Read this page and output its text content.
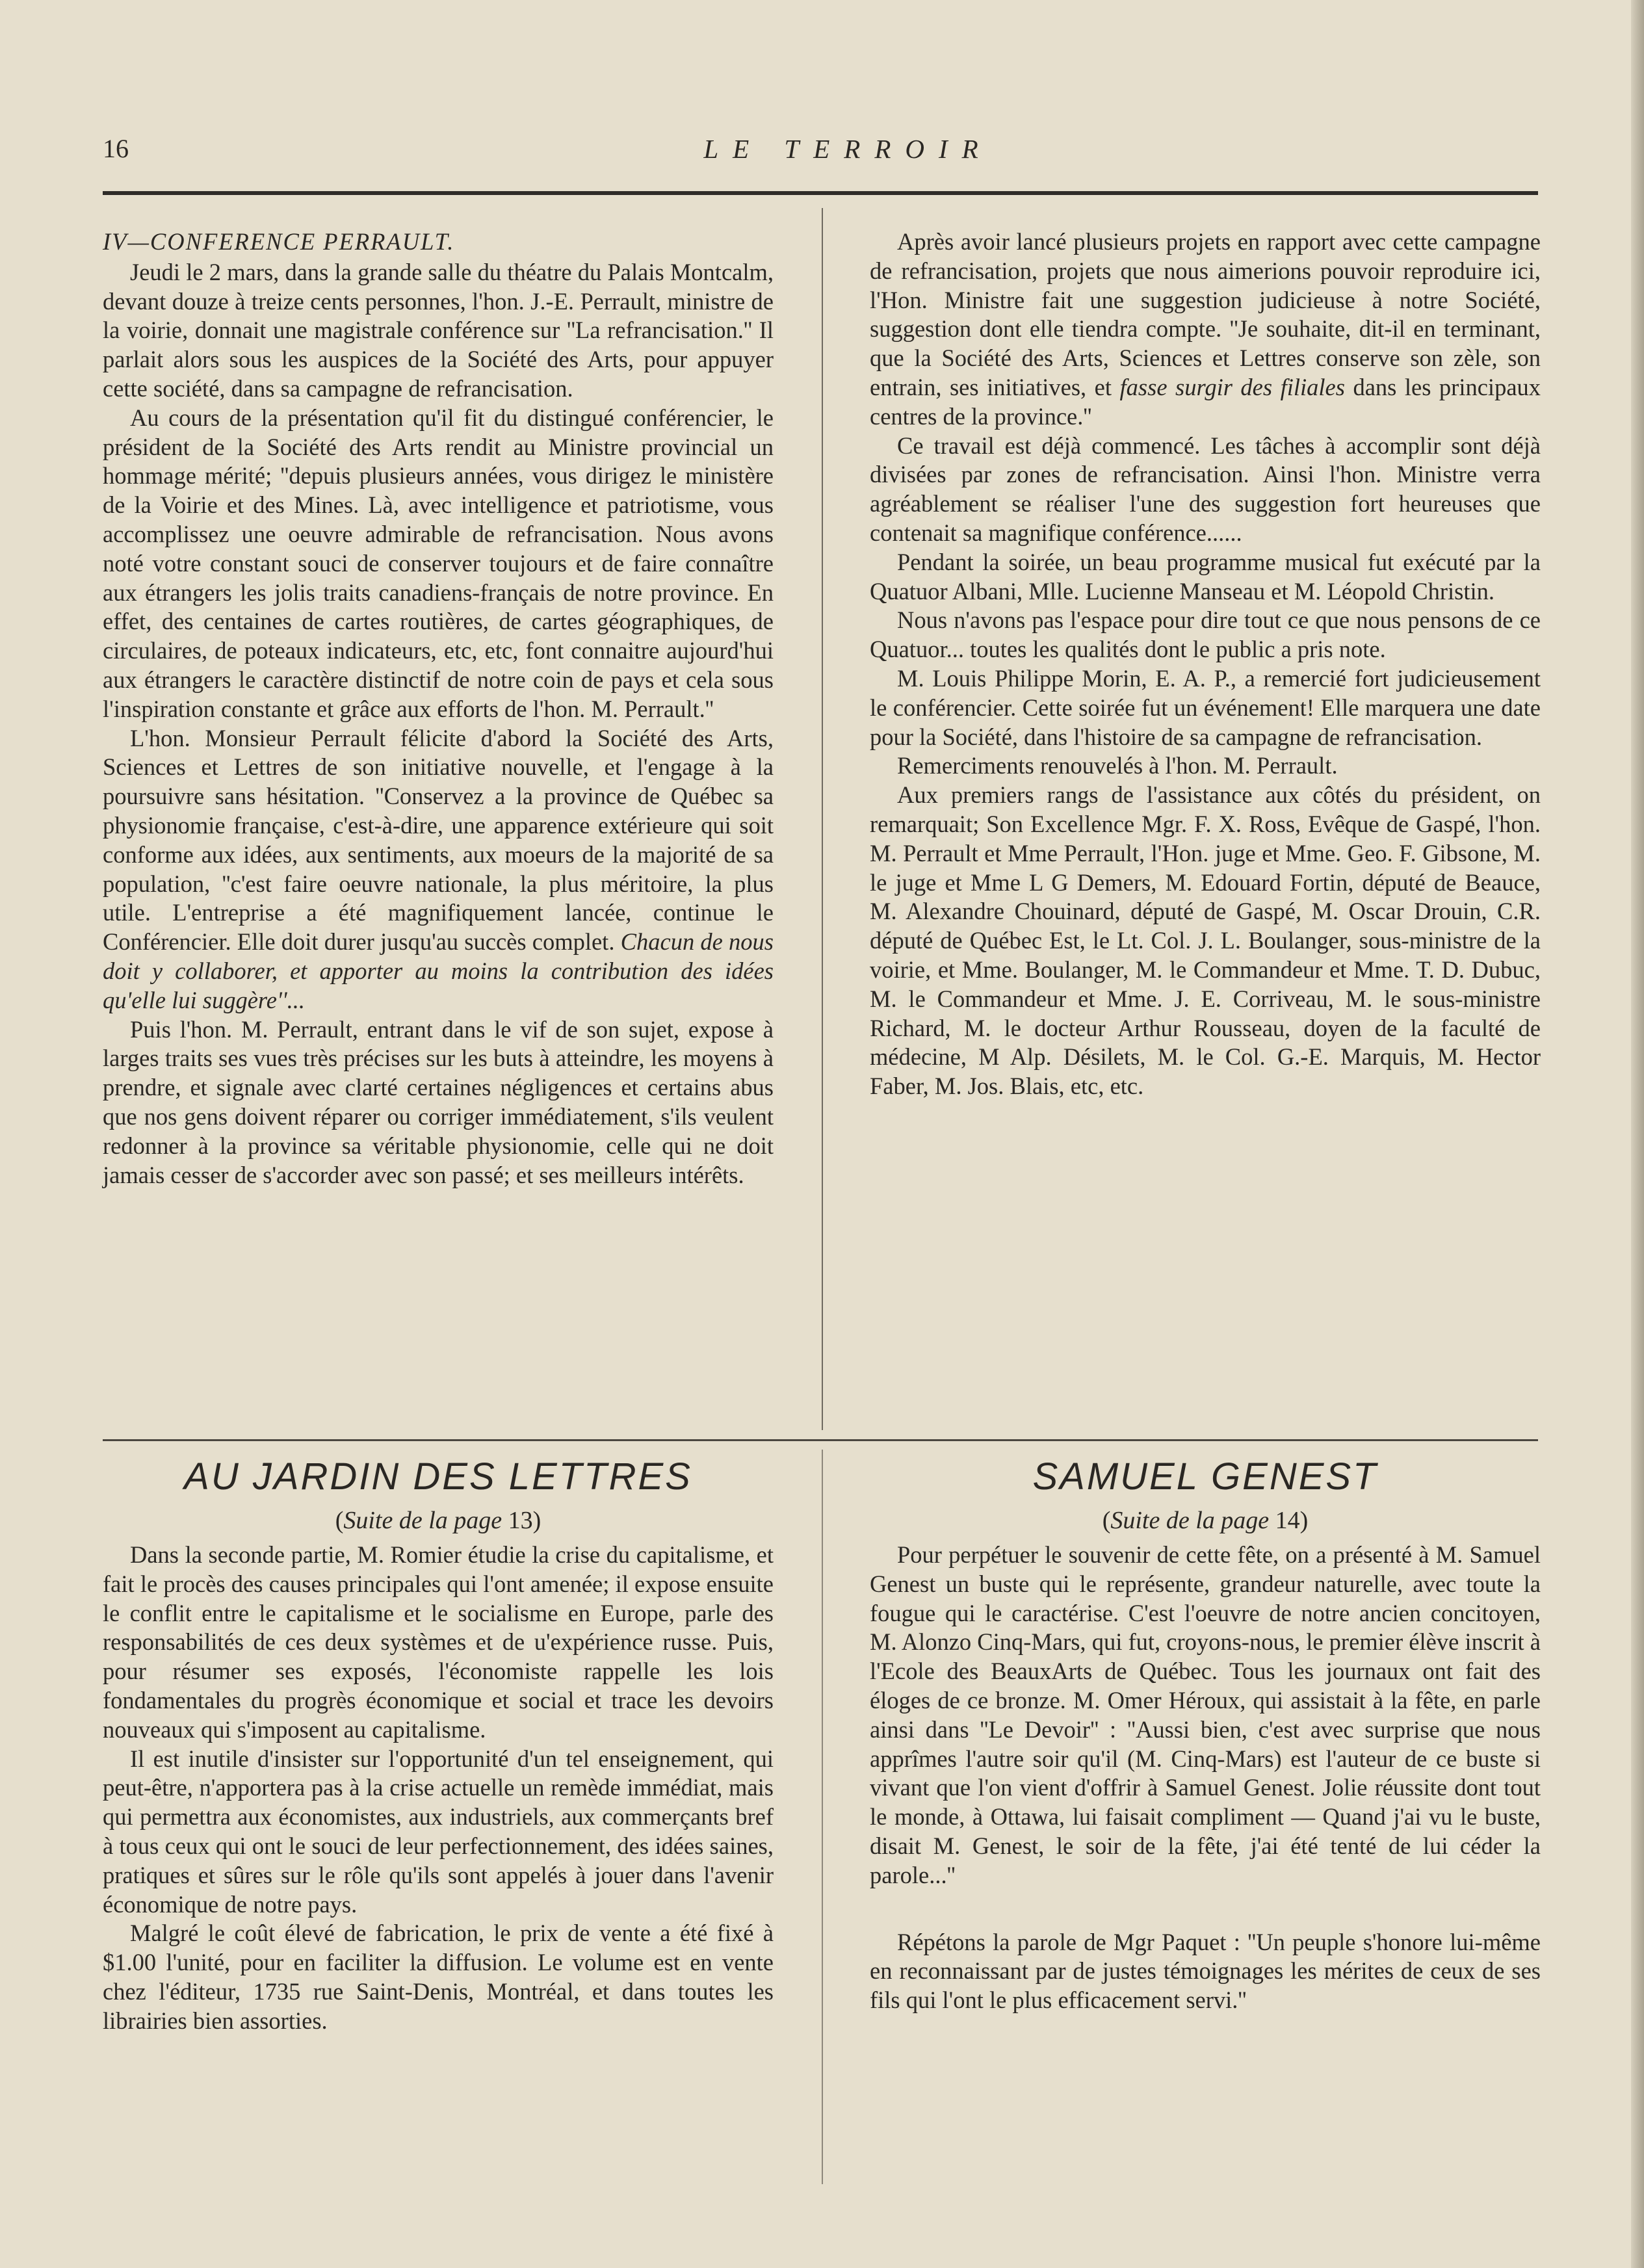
16	LE TERROIR
IV—CONFERENCE PERRAULT.

Jeudi le 2 mars, dans la grande salle du théatre du Palais Montcalm, devant douze à treize cents personnes, l'hon. J.-E. Perrault, ministre de la voirie, donnait une magistrale conférence sur ''La refrancisation.'' Il parlait alors sous les auspices de la Société des Arts, pour appuyer cette société, dans sa campagne de refrancisation.

Au cours de la présentation qu'il fit du distingué conférencier, le président de la Société des Arts rendit au Ministre provincial un hommage mérité; ''depuis plusieurs années, vous dirigez le ministère de la Voirie et des Mines. Là, avec intelligence et patriotisme, vous accomplissez une oeuvre admirable de refrancisation. Nous avons noté votre constant souci de conserver toujours et de faire connaître aux étrangers les jolis traits canadiens-français de notre province. En effet, des centaines de cartes routières, de cartes géographiques, de circulaires, de poteaux indicateurs, etc, etc, font connaitre aujourd'hui aux étrangers le caractère distinctif de notre coin de pays et cela sous l'inspiration constante et grâce aux efforts de l'hon. M. Perrault.''

L'hon. Monsieur Perrault félicite d'abord la Société des Arts, Sciences et Lettres de son initiative nouvelle, et l'engage à la poursuivre sans hésitation. ''Conservez a la province de Québec sa physionomie française, c'est-à-dire, une apparence extérieure qui soit conforme aux idées, aux sentiments, aux moeurs de la majorité de sa population, ''c'est faire oeuvre nationale, la plus méritoire, la plus utile. L'entreprise a été magnifiquement lancée, continue le Conférencier. Elle doit durer jusqu'au succès complet. Chacun de nous doit y collaborer, et apporter au moins la contribution des idées qu'elle lui suggère''...

Puis l'hon. M. Perrault, entrant dans le vif de son sujet, expose à larges traits ses vues très précises sur les buts à atteindre, les moyens à prendre, et signale avec clarté certaines négligences et certains abus que nos gens doivent réparer ou corriger immédiatement, s'ils veulent redonner à la province sa véritable physionomie, celle qui ne doit jamais cesser de s'accorder avec son passé; et ses meilleurs intérêts.

Après avoir lancé plusieurs projets en rapport avec cette campagne de refrancisation, projets que nous aimerions pouvoir reproduire ici, l'Hon. Ministre fait une suggestion judicieuse à notre Société, suggestion dont elle tiendra compte. ''Je souhaite, dit-il en terminant, que la Société des Arts, Sciences et Lettres conserve son zèle, son entrain, ses initiatives, et fasse surgir des filiales dans les principaux centres de la province.''

Ce travail est déjà commencé. Les tâches à accomplir sont déjà divisées par zones de refrancisation. Ainsi l'hon. Ministre verra agréablement se réaliser l'une des suggestion fort heureuses que contenait sa magnifique conférence......

Pendant la soirée, un beau programme musical fut exécuté par la Quatuor Albani, Mlle. Lucienne Manseau et M. Léopold Christin.

Nous n'avons pas l'espace pour dire tout ce que nous pensons de ce Quatuor... toutes les qualités dont le public a pris note.

M. Louis Philippe Morin, E. A. P., a remercié fort judicieusement le conférencier. Cette soirée fut un événement! Elle marquera une date pour la Société, dans l'histoire de sa campagne de refrancisation.

Remerciments renouvelés à l'hon. M. Perrault.

Aux premiers rangs de l'assistance aux côtés du président, on remarquait; Son Excellence Mgr. F. X. Ross, Evêque de Gaspé, l'hon. M. Perrault et Mme Perrault, l'Hon. juge et Mme. Geo. F. Gibsone, M. le juge et Mme L G Demers, M. Edouard Fortin, député de Beauce, M. Alexandre Chouinard, député de Gaspé, M. Oscar Drouin, C.R. député de Québec Est, le Lt. Col. J. L. Boulanger, sous-ministre de la voirie, et Mme. Boulanger, M. le Commandeur et Mme. T. D. Dubuc, M. le Commandeur et Mme. J. E. Corriveau, M. le sous-ministre Richard, M. le docteur Arthur Rousseau, doyen de la faculté de médecine, M Alp. Désilets, M. le Col. G.-E. Marquis, M. Hector Faber, M. Jos. Blais, etc, etc.

AU JARDIN DES LETTRES
(Suite de la page 13)

Dans la seconde partie, M. Romier étudie la crise du capitalisme, et fait le procès des causes principales qui l'ont amenée; il expose ensuite le conflit entre le capitalisme et le socialisme en Europe, parle des responsabilités de ces deux systèmes et de u'expérience russe. Puis, pour résumer ses exposés, l'économiste rappelle les lois fondamentales du progrès économique et social et trace les devoirs nouveaux qui s'imposent au capitalisme.

Il est inutile d'insister sur l'opportunité d'un tel enseignement, qui peut-être, n'apportera pas à la crise actuelle un remède immédiat, mais qui permettra aux économistes, aux industriels, aux commerçants bref à tous ceux qui ont le souci de leur perfectionnement, des idées saines, pratiques et sûres sur le rôle qu'ils sont appelés à jouer dans l'avenir économique de notre pays.

Malgré le coût élevé de fabrication, le prix de vente a été fixé à $1.00 l'unité, pour en faciliter la diffusion. Le volume est en vente chez l'éditeur, 1735 rue Saint-Denis, Montréal, et dans toutes les librairies bien assorties.

SAMUEL GENEST
(Suite de la page 14)

Pour perpétuer le souvenir de cette fête, on a présenté à M. Samuel Genest un buste qui le représente, grandeur naturelle, avec toute la fougue qui le caractérise. C'est l'oeuvre de notre ancien concitoyen, M. Alonzo Cinq-Mars, qui fut, croyons-nous, le premier élève inscrit à l'Ecole des BeauxArts de Québec. Tous les journaux ont fait des éloges de ce bronze. M. Omer Héroux, qui assistait à la fête, en parle ainsi dans ''Le Devoir'' : ''Aussi bien, c'est avec surprise que nous apprîmes l'autre soir qu'il (M. Cinq-Mars) est l'auteur de ce buste si vivant que l'on vient d'offrir à Samuel Genest. Jolie réussite dont tout le monde, à Ottawa, lui faisait compliment — Quand j'ai vu le buste, disait M. Genest, le soir de la fête, j'ai été tenté de lui céder la parole...''

Répétons la parole de Mgr Paquet : ''Un peuple s'honore lui-même en reconnaissant par de justes témoignages les mérites de ceux de ses fils qui l'ont le plus efficacement servi.''
